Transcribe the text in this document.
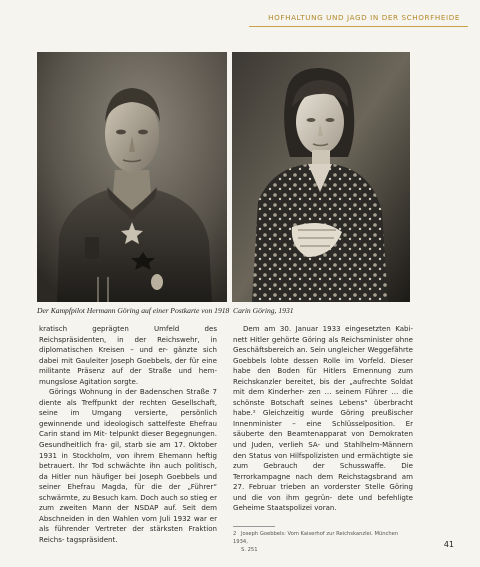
HOFHALTUNG UND JAGD IN DER SCHORFHEIDE
Der Kampfpilot Hermann Göring auf einer Postkarte von 1918 Carin Göring, 1931

kratisch geprägten Umfeld des Reichspräsidenten, in der Reichswehr, in diplomatischen Kreisen – und er- gänzte sich dabei mit Gauleiter Joseph Goebbels, der für eine militante Präsenz auf der Straße und hem- mungslose Agitation sorgte.

Görings Wohnung in der Badenschen Straße 7 diente als Treffpunkt der rechten Gesellschaft, seine im Umgang versierte, persönlich gewinnende und ideologisch sattelfeste Ehefrau Carin stand im Mit- telpunkt dieser Begegnungen. Gesundheitlich fra- gil, starb sie am 17. Oktober 1931 in Stockholm, von ihrem Ehemann heftig betrauert. Ihr Tod schwächte ihn auch politisch, da Hitler nun häufiger bei Joseph Goebbels und seiner Ehefrau Magda, für die der „Führer“ schwärmte, zu Besuch kam. Doch auch so stieg er zum zweiten Mann der NSDAP auf. Seit dem Abschneiden in den Wahlen vom Juli 1932 war er als führender Vertreter der stärksten Fraktion Reichs- tagspräsident.

Dem am 30. Januar 1933 eingesetzten Kabi- nett Hitler gehörte Göring als Reichsminister ohne Geschäftsbereich an. Sein ungleicher Weggefährte Goebbels lobte dessen Rolle im Vorfeld. Dieser habe den Boden für Hitlers Ernennung zum Reichskanzler bereitet, bis der „aufrechte Soldat mit dem Kinderher- zen … seinem Führer … die schönste Botschaft seines Lebens“ überbracht habe.² Gleichzeitig wurde Göring preußischer Innenminister – eine Schlüsselposition. Er säuberte den Beamtenapparat von Demokraten und Juden, verlieh SA- und Stahlhelm-Männern den Status von Hilfspolizisten und ermächtigte sie zum Gebrauch der Schusswaffe. Die Terrorkampagne nach dem Reichstagsbrand am 27. Februar trieben an vorderster Stelle Göring und die von ihm gegrün- dete und befehligte Geheime Staatspolizei voran.

2 Joseph Goebbels: Vom Kaiserhof zur Reichskanzlei. München 1934,
S. 251
41
